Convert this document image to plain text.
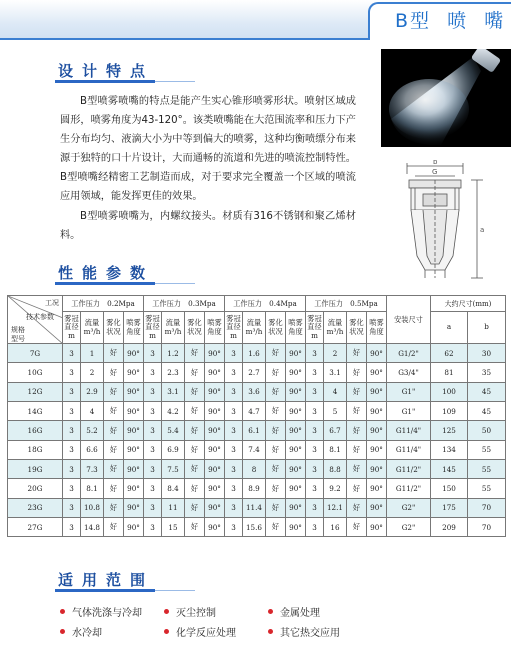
B型  喷  嘴
设计特点

B型喷雾喷嘴的特点是能产生实心锥形喷雾形状。喷射区域成圆形，喷雾角度为43-120°。该类喷嘴能在大范围流率和压力下产生分布均匀、液滴大小为中等到偏大的喷雾，这种均衡喷缥分布来源于独特的口十片设计，大而通畅的流道和先进的喷流控制特性。B型喷嘴经精密工艺制造而成，对于要求完全覆盖一个区域的喷流应用领域，能发挥更佳的效果。

B型喷雾喷嘴为，内螺纹接头。材质有316不锈钢和聚乙烯材料。

b
G
a
性能参数
工况
技术参数
规格
型号	工作压力　0.2Mpa				工作压力　0.3Mpa				工作压力　0.4Mpa				工作压力　0.5Mpa				安装尺寸	大约尺寸(mm)	
	雾冠直径m	流量m³/h	雾化状况	喷雾角度	雾冠直径m	流量m³/h	雾化状况	喷雾角度	雾冠直径m	流量m³/h	雾化状况	喷雾角度	雾冠直径m	流量m³/h	雾化状况	喷雾角度		a	b
7G	3	1	好	90°	3	1.2	好	90°	3	1.6	好	90°	3	2	好	90°	G1/2"	62	30
10G	3	2	好	90°	3	2.3	好	90°	3	2.7	好	90°	3	3.1	好	90°	G3/4"	81	35
12G	3	2.9	好	90°	3	3.1	好	90°	3	3.6	好	90°	3	4	好	90°	G1"	100	45
14G	3	4	好	90°	3	4.2	好	90°	3	4.7	好	90°	3	5	好	90°	G1"	109	45
16G	3	5.2	好	90°	3	5.4	好	90°	3	6.1	好	90°	3	6.7	好	90°	G11/4"	125	50
18G	3	6.6	好	90°	3	6.9	好	90°	3	7.4	好	90°	3	8.1	好	90°	G11/4"	134	55
19G	3	7.3	好	90°	3	7.5	好	90°	3	8	好	90°	3	8.8	好	90°	G11/2"	145	55
20G	3	8.1	好	90°	3	8.4	好	90°	3	8.9	好	90°	3	9.2	好	90°	G11/2"	150	55
23G	3	10.8	好	90°	3	11	好	90°	3	11.4	好	90°	3	12.1	好	90°	G2"	175	70
27G	3	14.8	好	90°	3	15	好	90°	3	15.6	好	90°	3	16	好	90°	G2"	209	70
适用范围
气体洗涤与冷却	灭尘控制	金属处理
水冷却	化学反应处理	其它热交应用
